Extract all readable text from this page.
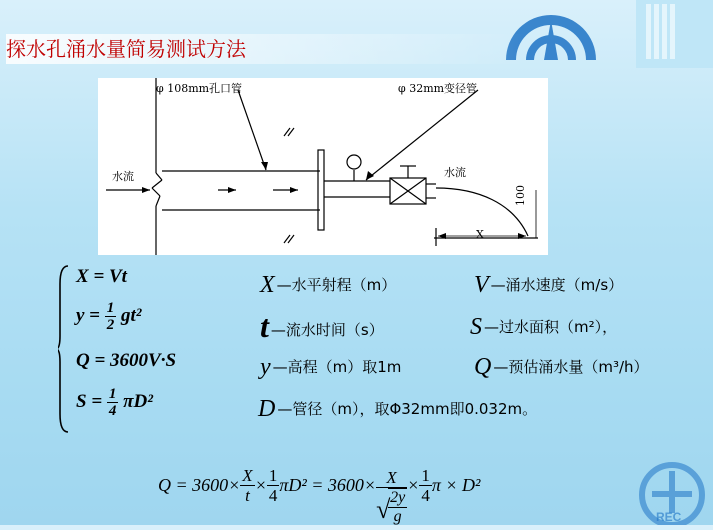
探水孔涌水量简易测试方法
φ 108mm孔口管	φ 32mm变径管
水流	水流
X
100
X = Vt
$y = \frac{1}{2} gt^2$
Q = 3600V·S
$S = \frac{1}{4} \pi D^2$
X —水平射程（m）	V —涌水速度（m/s）
t —流水时间（s）	S —过水面积（m²），
y —高程（m）取1m	Q —预估涌水量（m³/h）
D —管径（m），取Φ32mm即0.032m。
$Q = 3600\times \frac{X}{t} \times \frac{1}{4} \pi D^2 = 3600\times X$
√
$\frac{2y}{g} \times \frac{1}{4}$ π × D²
REC
